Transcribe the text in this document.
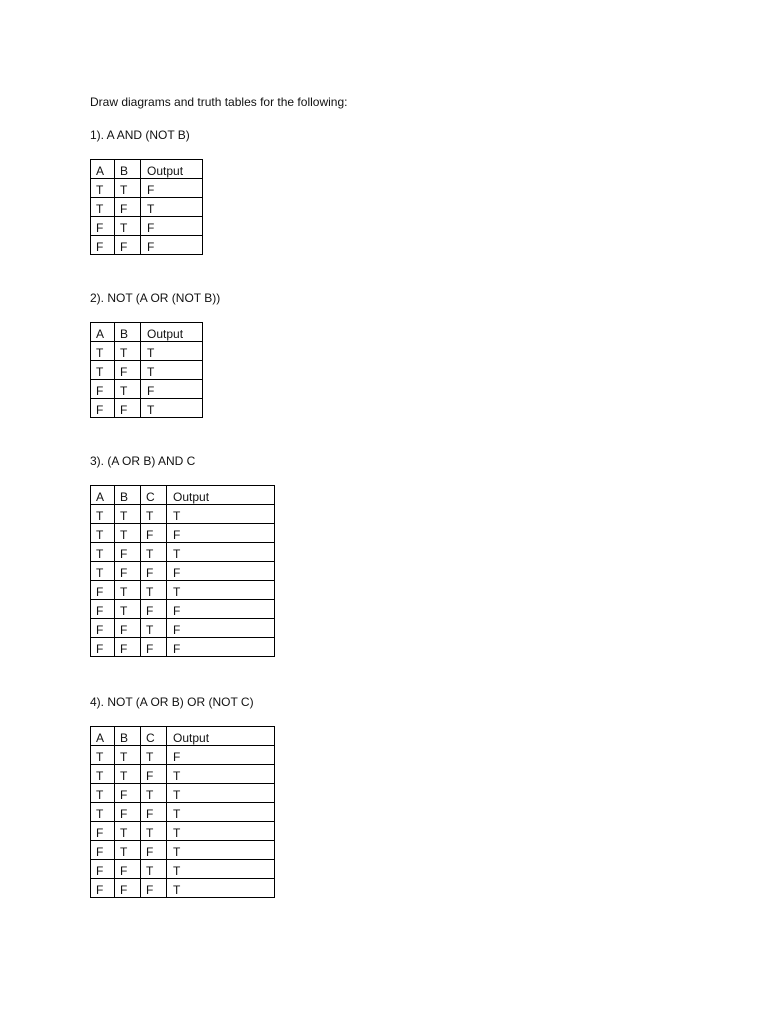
Draw diagrams and truth tables for the following:
1). A AND (NOT B)
A	B	Output
T	T	F
T	F	T
F	T	F
F	F	F
2). NOT (A OR (NOT B))
A	B	Output
T	T	T
T	F	T
F	T	F
F	F	T
3). (A OR B) AND C
A	B	C	Output
T	T	T	T
T	T	F	F
T	F	T	T
T	F	F	F
F	T	T	T
F	T	F	F
F	F	T	F
F	F	F	F
4). NOT (A OR B) OR (NOT C)
A	B	C	Output
T	T	T	F
T	T	F	T
T	F	T	T
T	F	F	T
F	T	T	T
F	T	F	T
F	F	T	T
F	F	F	T
